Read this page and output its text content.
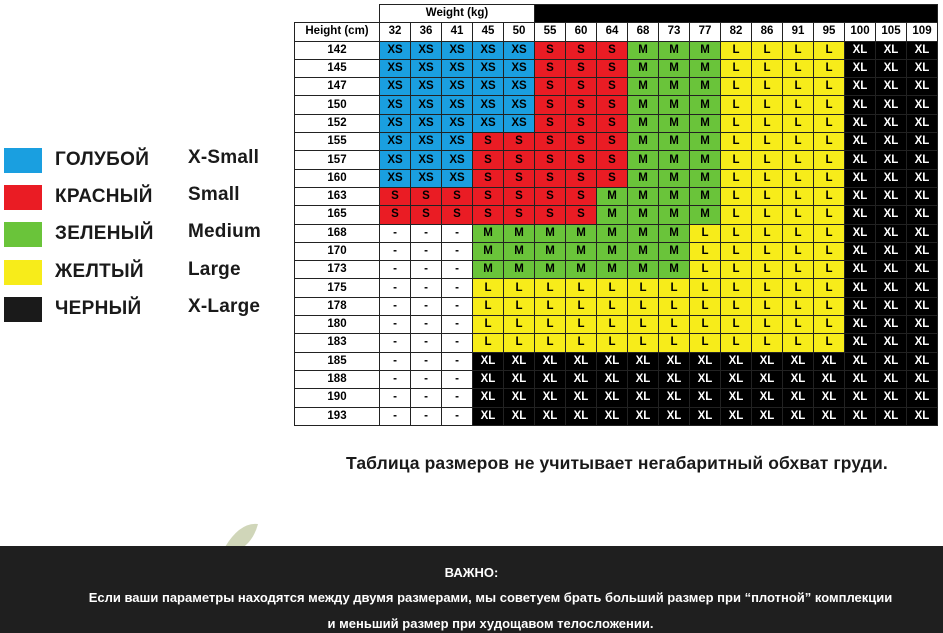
ГОЛУБОЙ X-Small
КРАСНЫЙ Small
ЗЕЛЕНЫЙ Medium
ЖЕЛТЫЙ Large
ЧЕРНЫЙ X-Large
	Weight (kg)																	
Height (cm)	32	36	41	45	50	55	60	64	68	73	77	82	86	91	95	100	105	109
142	XS	XS	XS	XS	XS	S	S	S	M	M	M	L	L	L	L	XL	XL	XL
145	XS	XS	XS	XS	XS	S	S	S	M	M	M	L	L	L	L	XL	XL	XL
147	XS	XS	XS	XS	XS	S	S	S	M	M	M	L	L	L	L	XL	XL	XL
150	XS	XS	XS	XS	XS	S	S	S	M	M	M	L	L	L	L	XL	XL	XL
152	XS	XS	XS	XS	XS	S	S	S	M	M	M	L	L	L	L	XL	XL	XL
155	XS	XS	XS	S	S	S	S	S	M	M	M	L	L	L	L	XL	XL	XL
157	XS	XS	XS	S	S	S	S	S	M	M	M	L	L	L	L	XL	XL	XL
160	XS	XS	XS	S	S	S	S	S	M	M	M	L	L	L	L	XL	XL	XL
163	S	S	S	S	S	S	S	M	M	M	M	L	L	L	L	XL	XL	XL
165	S	S	S	S	S	S	S	M	M	M	M	L	L	L	L	XL	XL	XL
168	-	-	-	M	M	M	M	M	M	M	L	L	L	L	L	XL	XL	XL
170	-	-	-	M	M	M	M	M	M	M	L	L	L	L	L	XL	XL	XL
173	-	-	-	M	M	M	M	M	M	M	L	L	L	L	L	XL	XL	XL
175	-	-	-	L	L	L	L	L	L	L	L	L	L	L	L	XL	XL	XL
178	-	-	-	L	L	L	L	L	L	L	L	L	L	L	L	XL	XL	XL
180	-	-	-	L	L	L	L	L	L	L	L	L	L	L	L	XL	XL	XL
183	-	-	-	L	L	L	L	L	L	L	L	L	L	L	L	XL	XL	XL
185	-	-	-	XL	XL	XL	XL	XL	XL	XL	XL	XL	XL	XL	XL	XL	XL	XL
188	-	-	-	XL	XL	XL	XL	XL	XL	XL	XL	XL	XL	XL	XL	XL	XL	XL
190	-	-	-	XL	XL	XL	XL	XL	XL	XL	XL	XL	XL	XL	XL	XL	XL	XL
193	-	-	-	XL	XL	XL	XL	XL	XL	XL	XL	XL	XL	XL	XL	XL	XL	XL
Таблица размеров не учитывает негабаритный обхват груди.
ВАЖНО:
Если ваши параметры находятся между двумя размерами, мы советуем брать больший размер при “плотной” комплекции
и меньший размер при худощавом телосложении.
